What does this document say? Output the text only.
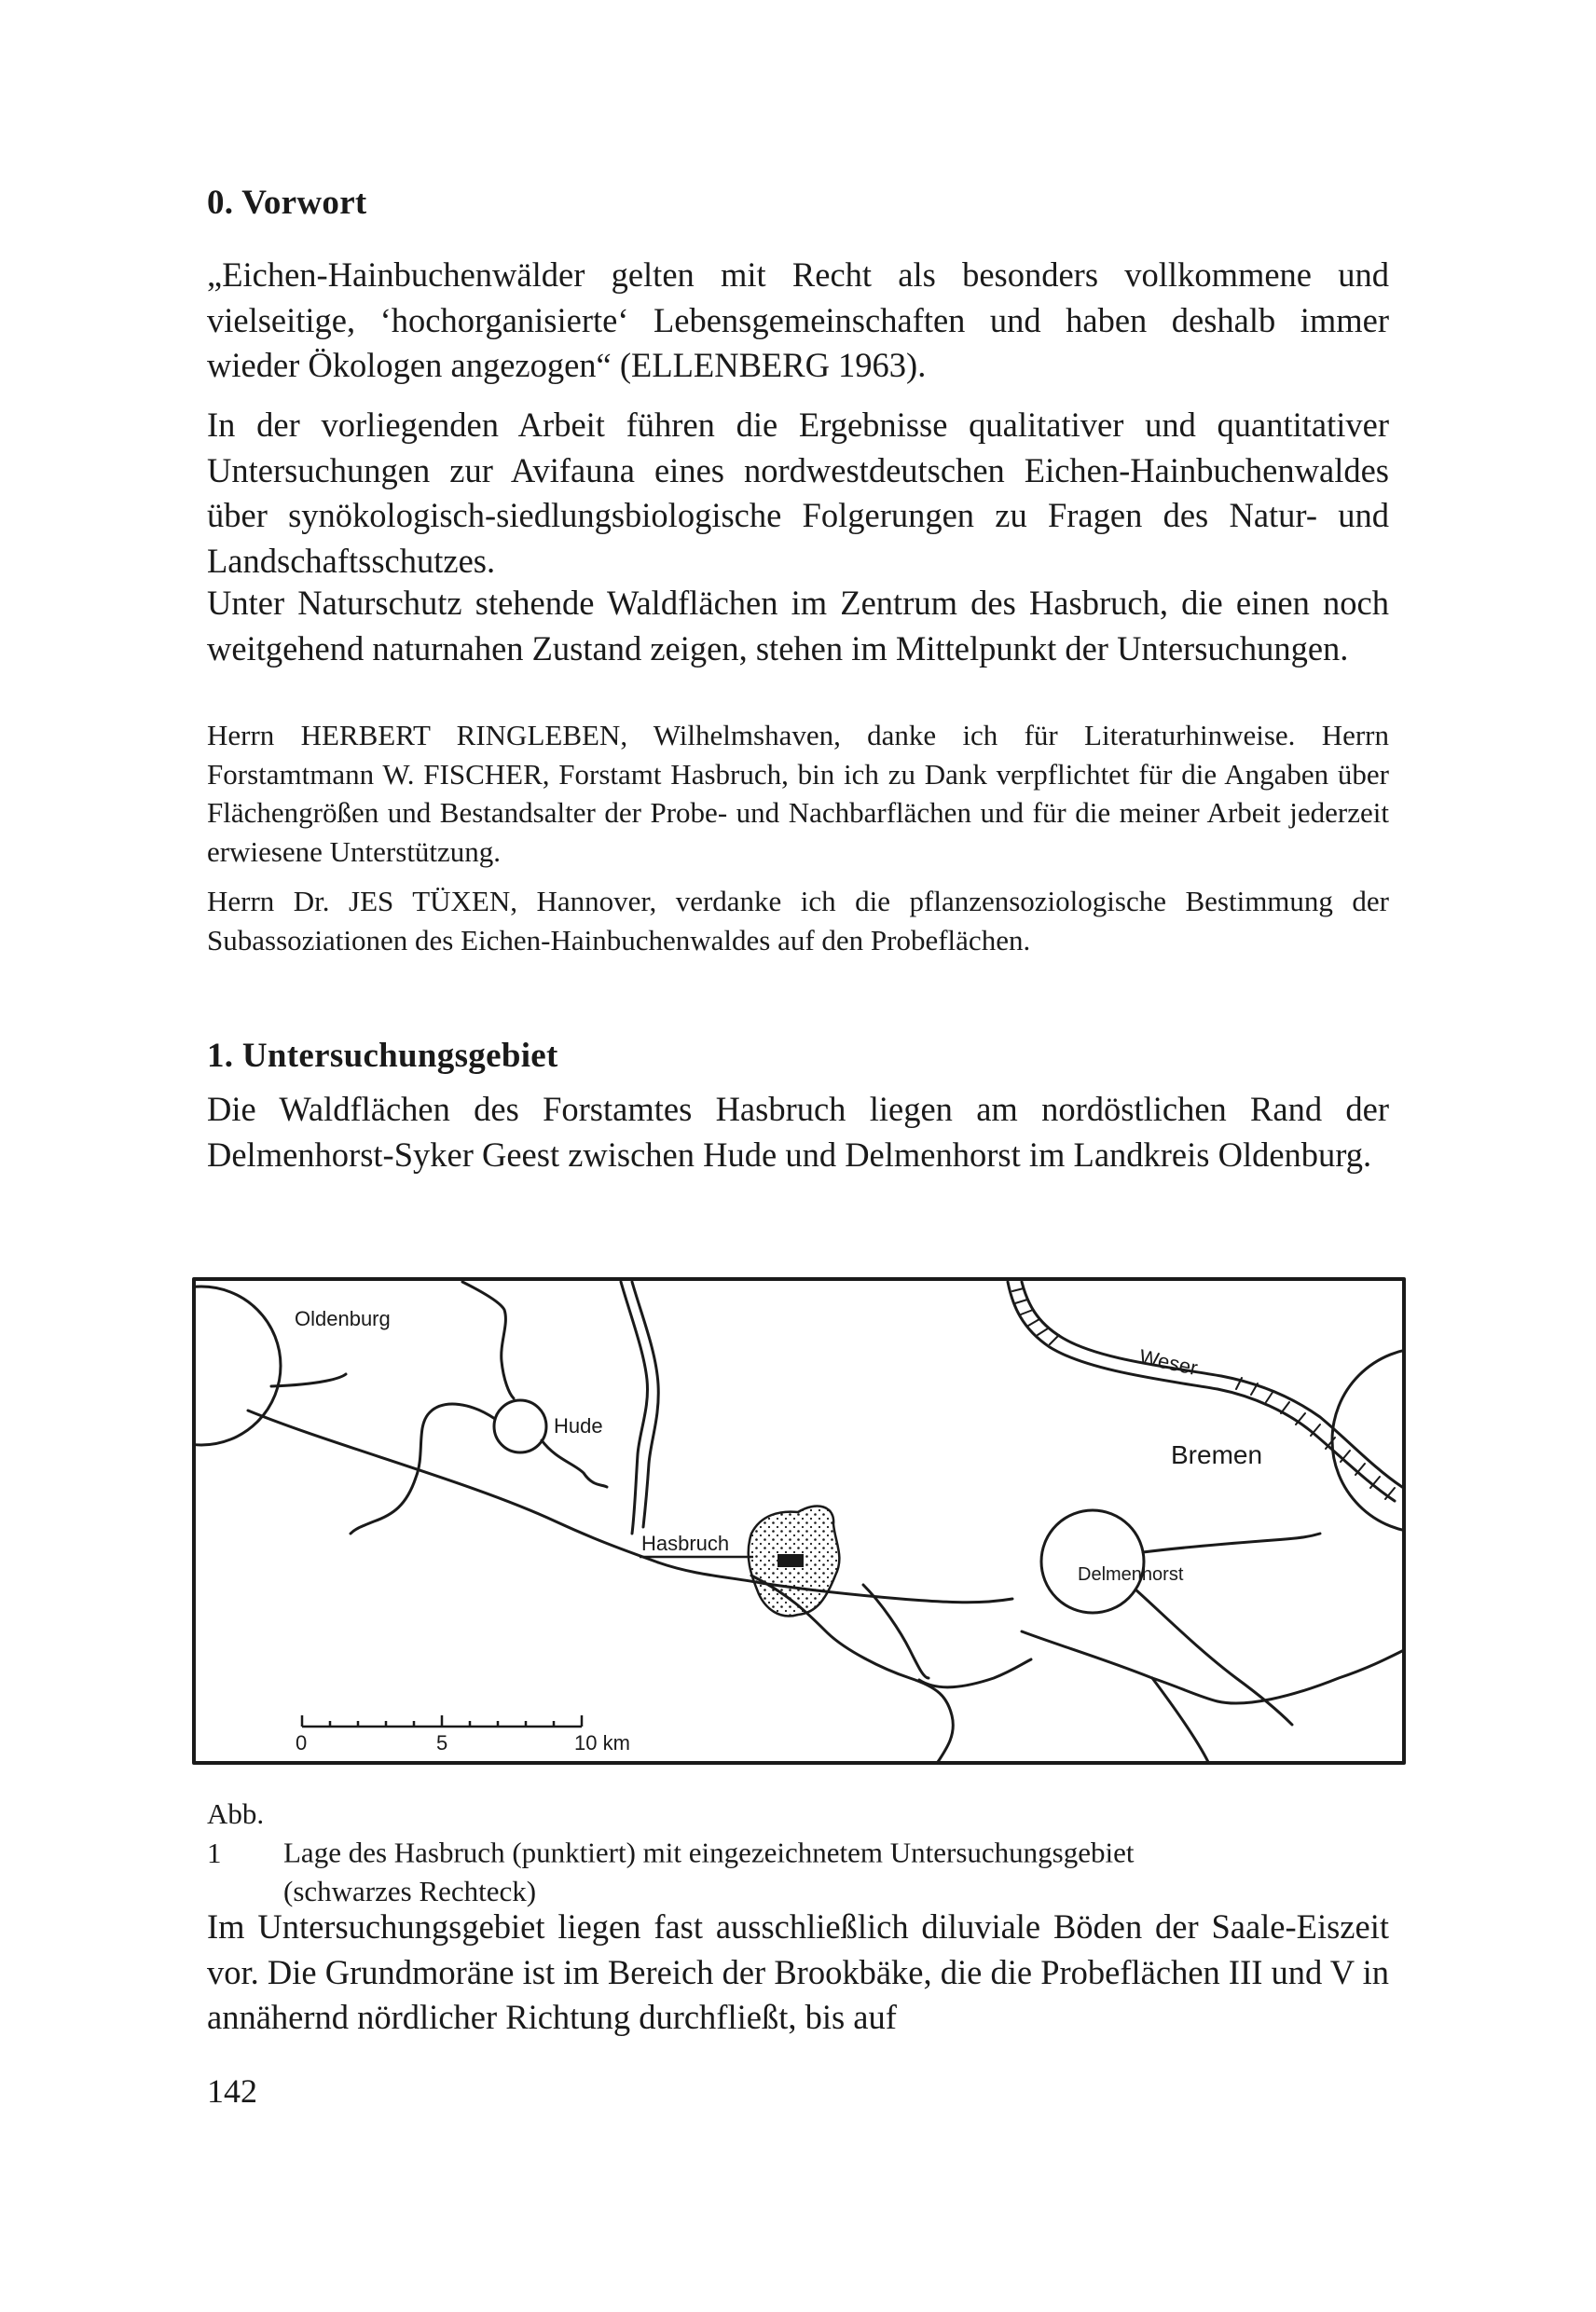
0. Vorwort

„Eichen-Hainbuchenwälder gelten mit Recht als besonders vollkommene und vielseitige, ‘hochorganisierte‘ Lebensgemeinschaften und haben deshalb immer wieder Ökologen angezogen“ (ELLENBERG 1963).

In der vorliegenden Arbeit führen die Ergebnisse qualitativer und quantitativer Untersuchungen zur Avifauna eines nordwestdeutschen Eichen-Hainbuchenwaldes über synökologisch-siedlungsbiologische Folgerungen zu Fragen des Natur- und Landschaftsschutzes.

Unter Naturschutz stehende Waldflächen im Zentrum des Hasbruch, die einen noch weitgehend naturnahen Zustand zeigen, stehen im Mittelpunkt der Untersuchungen.

Herrn HERBERT RINGLEBEN, Wilhelmshaven, danke ich für Literaturhinweise. Herrn Forstamtmann W. FISCHER, Forstamt Hasbruch, bin ich zu Dank verpflichtet für die Angaben über Flächengrößen und Bestandsalter der Probe- und Nachbarflächen und für die meiner Arbeit jederzeit erwiesene Unterstützung.

Herrn Dr. JES TÜXEN, Hannover, verdanke ich die pflanzensoziologische Bestimmung der Subassoziationen des Eichen-Hainbuchenwaldes auf den Probeflächen.

1. Untersuchungsgebiet

Die Waldflächen des Forstamtes Hasbruch liegen am nordöstlichen Rand der Delmenhorst-Syker Geest zwischen Hude und Delmenhorst im Landkreis Oldenburg.

Oldenburg
Hude
Weser
Bremen
Hasbruch
Delmenhorst
0	5	10 km
Abb. 1 Lage des Hasbruch (punktiert) mit eingezeichnetem Untersuchungsgebiet
(schwarzes Rechteck)

Im Untersuchungsgebiet liegen fast ausschließlich diluviale Böden der Saale-Eiszeit vor. Die Grundmoräne ist im Bereich der Brookbäke, die die Probeflächen III und V in annähernd nördlicher Richtung durchfließt, bis auf

142
